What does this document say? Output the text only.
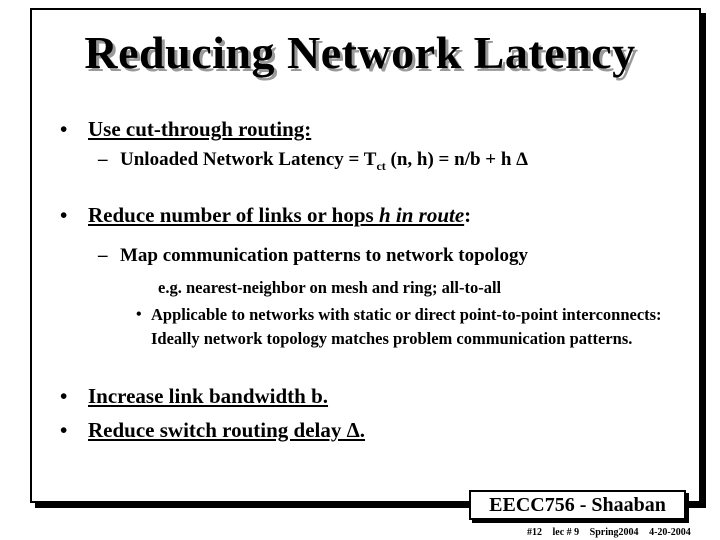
Reducing Network Latency
• Use cut-through routing:
– Unloaded Network Latency = $T_{ct}$ (n, h) = n/b + h Δ
• Reduce number of links or hops h in route:
– Map communication patterns to network topology
e.g. nearest-neighbor on mesh and ring; all-to-all
• Applicable to networks with static or direct point-to-point interconnects: Ideally network topology matches problem communication patterns.
• Increase link bandwidth b.
• Reduce switch routing delay Δ.
EECC756 - Shaaban
#12 lec # 9 Spring2004 4-20-2004
